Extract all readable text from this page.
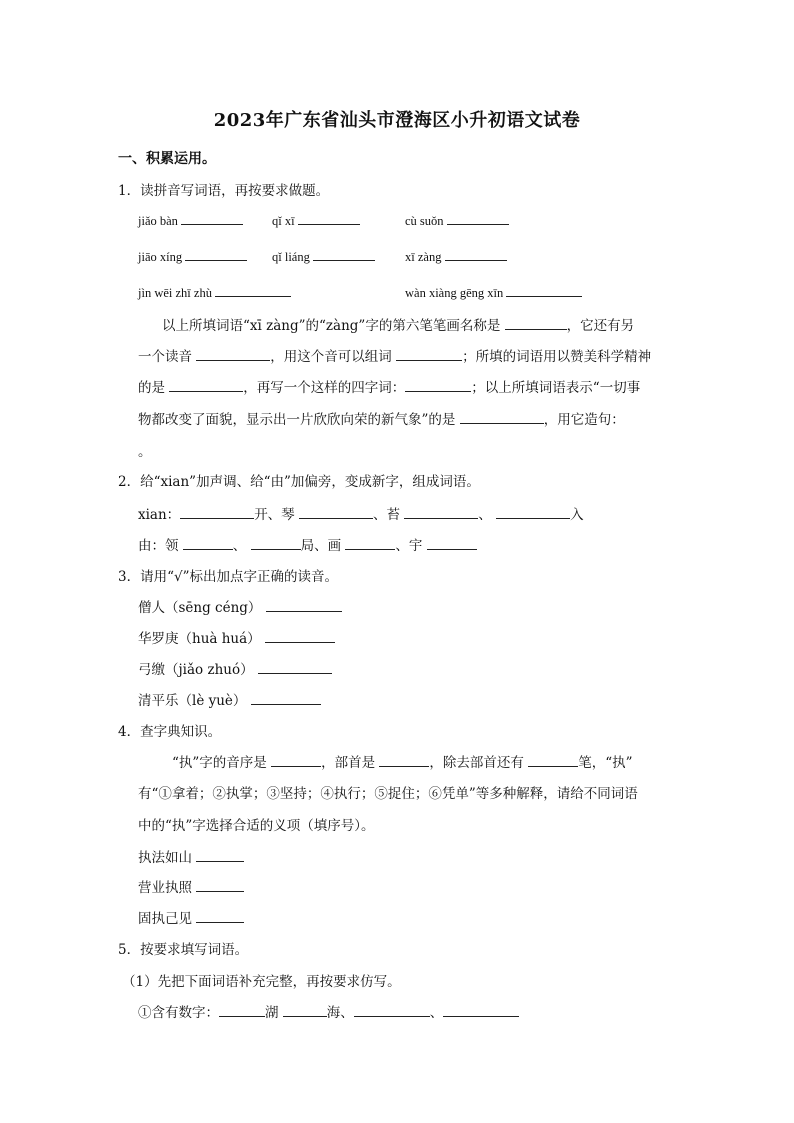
2023年广东省汕头市澄海区小升初语文试卷
一、积累运用。
1．读拼音写词语，再按要求做题。
jiǎo bàn	qǐ xī	cù suǒn
jiāo xíng	qǐ liáng	xī zàng
jìn wēi zhī zhù	wàn xiàng gēng xīn
以上所填词语“xī zàng”的“zàng”字的第六笔笔画名称是	，它还有另
一个读音	，用这个音可以组词	；所填的词语用以赞美科学精神
的是	，再写一个这样的四字词：	；以上所填词语表示“一切事
物都改变了面貌，显示出一片欣欣向荣的新气象”的是	，用它造句：
。
2．给“xian”加声调、给“由”加偏旁，变成新字，组成词语。
xian：	开、琴	、苔	、	入
由：领	、	局、画	、宇
3．请用“√”标出加点字正确的读音。
僧人（sēng céng）
华罗庚（huà huá）
弓缴（jiǎo zhuó）
清平乐（lè yuè）
4．查字典知识。
“执”字的音序是	，部首是	，除去部首还有	笔，“执”
有“①拿着；②执掌；③坚持；④执行；⑤捉住；⑥凭单”等多种解释，请给不同词语
中的“执”字选择合适的义项（填序号）。
执法如山
营业执照
固执己见
5．按要求填写词语。
（1）先把下面词语补充完整，再按要求仿写。
①含有数字：	湖	海、	、
